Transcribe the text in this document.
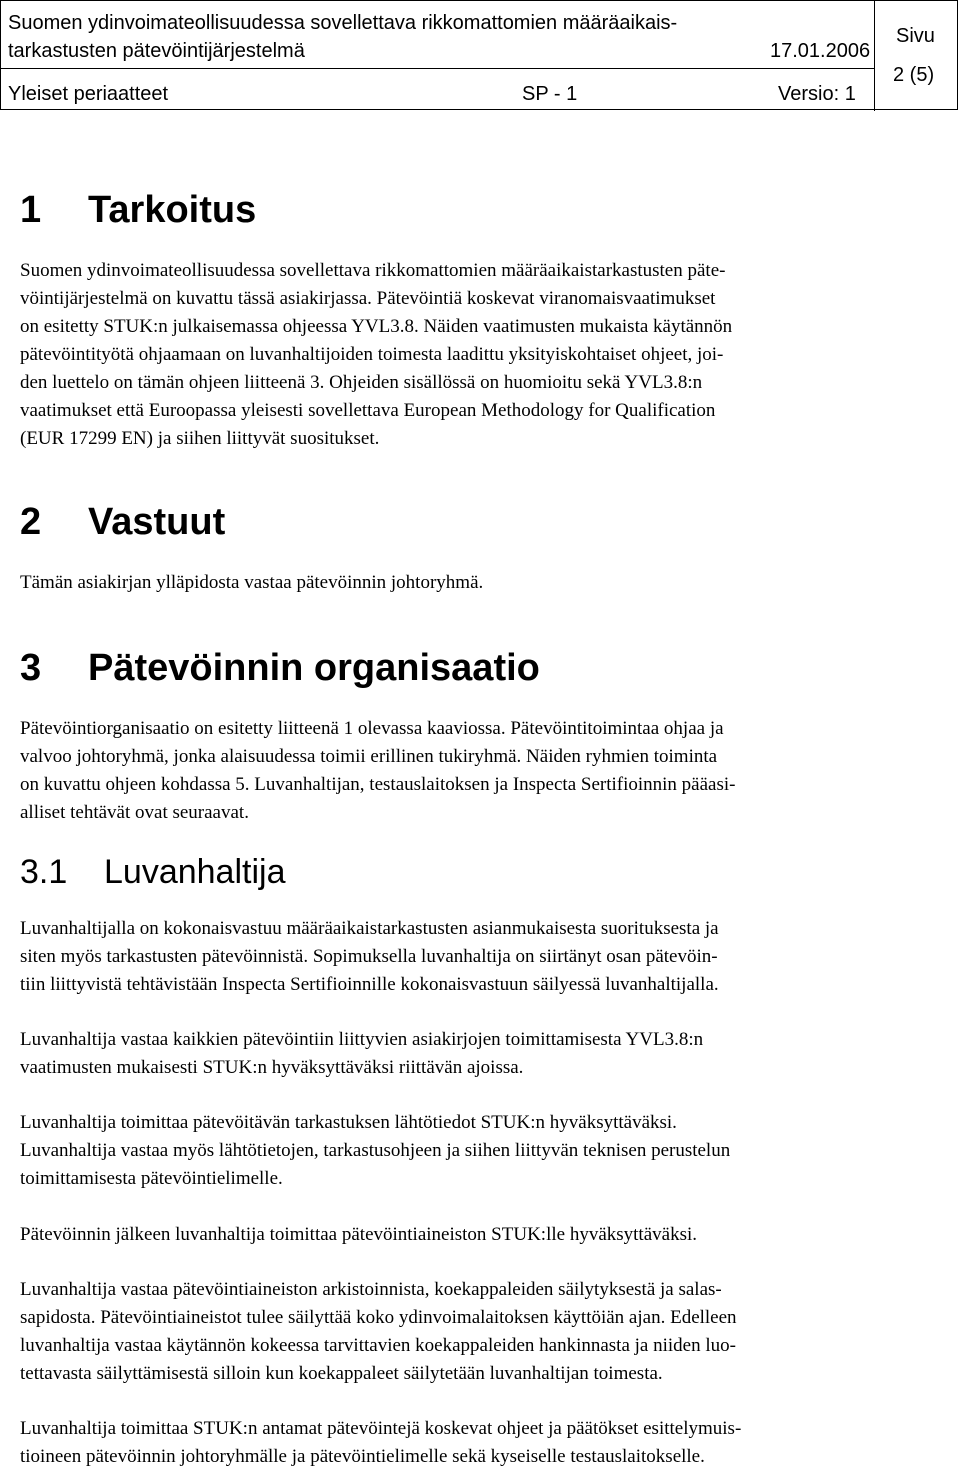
Suomen ydinvoimateollisuudessa sovellettava rikkomattomien määräaikais-
tarkastusten pätevöintijärjestelmä	17.01.2006
Sivu
2 (5)
Yleiset periaatteet	SP - 1	Versio: 1
1 Tarkoitus
Suomen ydinvoimateollisuudessa sovellettava rikkomattomien määräaikaistarkastusten päte-
vöintijärjestelmä on kuvattu tässä asiakirjassa. Pätevöintiä koskevat viranomaisvaatimukset
on esitetty STUK:n julkaisemassa ohjeessa YVL3.8. Näiden vaatimusten mukaista käytännön
pätevöintityötä ohjaamaan on luvanhaltijoiden toimesta laadittu yksityiskohtaiset ohjeet, joi-
den luettelo on tämän ohjeen liitteenä 3. Ohjeiden sisällössä on huomioitu sekä YVL3.8:n
vaatimukset että Euroopassa yleisesti sovellettava European Methodology for Qualification
(EUR 17299 EN) ja siihen liittyvät suositukset.
2 Vastuut
Tämän asiakirjan ylläpidosta vastaa pätevöinnin johtoryhmä.
3 Pätevöinnin organisaatio
Pätevöintiorganisaatio on esitetty liitteenä 1 olevassa kaaviossa. Pätevöintitoimintaa ohjaa ja
valvoo johtoryhmä, jonka alaisuudessa toimii erillinen tukiryhmä. Näiden ryhmien toiminta
on kuvattu ohjeen kohdassa 5. Luvanhaltijan, testauslaitoksen ja Inspecta Sertifioinnin pääasi-
alliset tehtävät ovat seuraavat.
3.1 Luvanhaltija
Luvanhaltijalla on kokonaisvastuu määräaikaistarkastusten asianmukaisesta suorituksesta ja
siten myös tarkastusten pätevöinnistä. Sopimuksella luvanhaltija on siirtänyt osan pätevöin-
tiin liittyvistä tehtävistään Inspecta Sertifioinnille kokonaisvastuun säilyessä luvanhaltijalla.
Luvanhaltija vastaa kaikkien pätevöintiin liittyvien asiakirjojen toimittamisesta YVL3.8:n
vaatimusten mukaisesti STUK:n hyväksyttäväksi riittävän ajoissa.
Luvanhaltija toimittaa pätevöitävän tarkastuksen lähtötiedot STUK:n hyväksyttäväksi.
Luvanhaltija vastaa myös lähtötietojen, tarkastusohjeen ja siihen liittyvän teknisen perustelun
toimittamisesta pätevöintielimelle.
Pätevöinnin jälkeen luvanhaltija toimittaa pätevöintiaineiston STUK:lle hyväksyttäväksi.
Luvanhaltija vastaa pätevöintiaineiston arkistoinnista, koekappaleiden säilytyksestä ja salas-
sapidosta. Pätevöintiaineistot tulee säilyttää koko ydinvoimalaitoksen käyttöiän ajan. Edelleen
luvanhaltija vastaa käytännön kokeessa tarvittavien koekappaleiden hankinnasta ja niiden luo-
tettavasta säilyttämisestä silloin kun koekappaleet säilytetään luvanhaltijan toimesta.
Luvanhaltija toimittaa STUK:n antamat pätevöintejä koskevat ohjeet ja päätökset esittelymuis-
tioineen pätevöinnin johtoryhmälle ja pätevöintielimelle sekä kyseiselle testauslaitokselle.
